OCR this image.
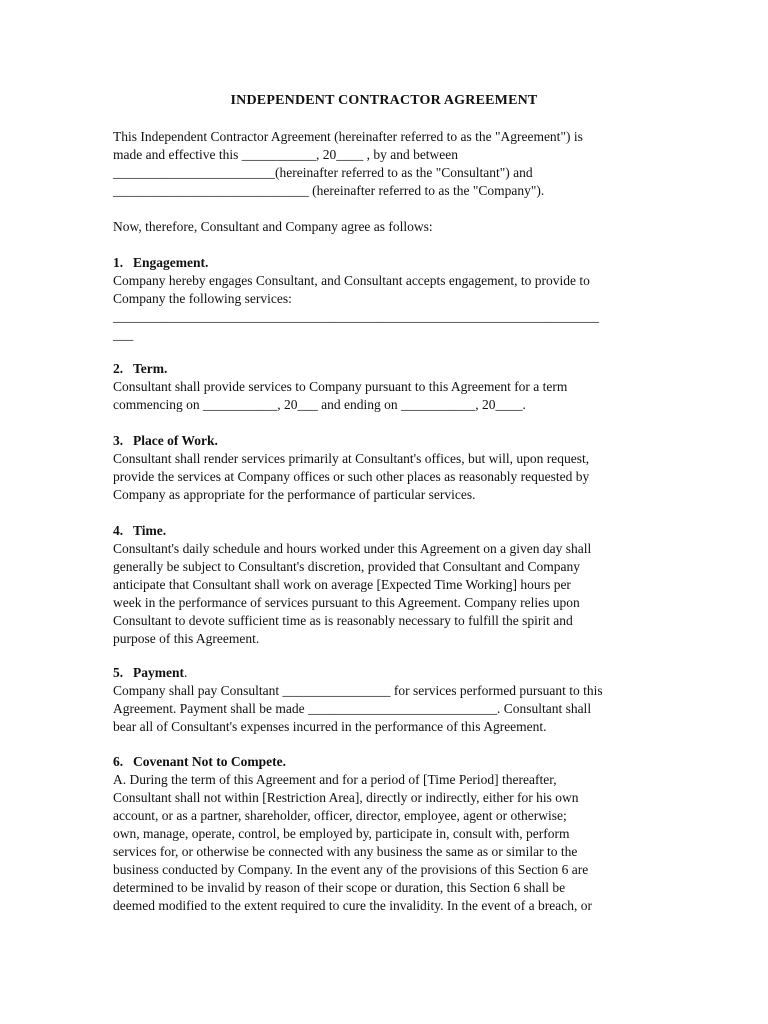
INDEPENDENT CONTRACTOR AGREEMENT
This Independent Contractor Agreement (hereinafter referred to as the "Agreement") is
made and effective this ___________, 20____ , by and between
________________________(hereinafter referred to as the "Consultant") and
_____________________________ (hereinafter referred to as the "Company").
Now, therefore, Consultant and Company agree as follows:
1. Engagement.
Company hereby engages Consultant, and Consultant accepts engagement, to provide to
Company the following services:
________________________________________________________________________
___
2. Term.
Consultant shall provide services to Company pursuant to this Agreement for a term
commencing on ___________, 20___ and ending on ___________, 20____.
3. Place of Work.
Consultant shall render services primarily at Consultant's offices, but will, upon request,
provide the services at Company offices or such other places as reasonably requested by
Company as appropriate for the performance of particular services.
4. Time.
Consultant's daily schedule and hours worked under this Agreement on a given day shall
generally be subject to Consultant's discretion, provided that Consultant and Company
anticipate that Consultant shall work on average [Expected Time Working] hours per
week in the performance of services pursuant to this Agreement. Company relies upon
Consultant to devote sufficient time as is reasonably necessary to fulfill the spirit and
purpose of this Agreement.
5. Payment.
Company shall pay Consultant ________________ for services performed pursuant to this
Agreement. Payment shall be made ____________________________. Consultant shall
bear all of Consultant's expenses incurred in the performance of this Agreement.
6. Covenant Not to Compete.
A. During the term of this Agreement and for a period of [Time Period] thereafter,
Consultant shall not within [Restriction Area], directly or indirectly, either for his own
account, or as a partner, shareholder, officer, director, employee, agent or otherwise;
own, manage, operate, control, be employed by, participate in, consult with, perform
services for, or otherwise be connected with any business the same as or similar to the
business conducted by Company. In the event any of the provisions of this Section 6 are
determined to be invalid by reason of their scope or duration, this Section 6 shall be
deemed modified to the extent required to cure the invalidity. In the event of a breach, or
